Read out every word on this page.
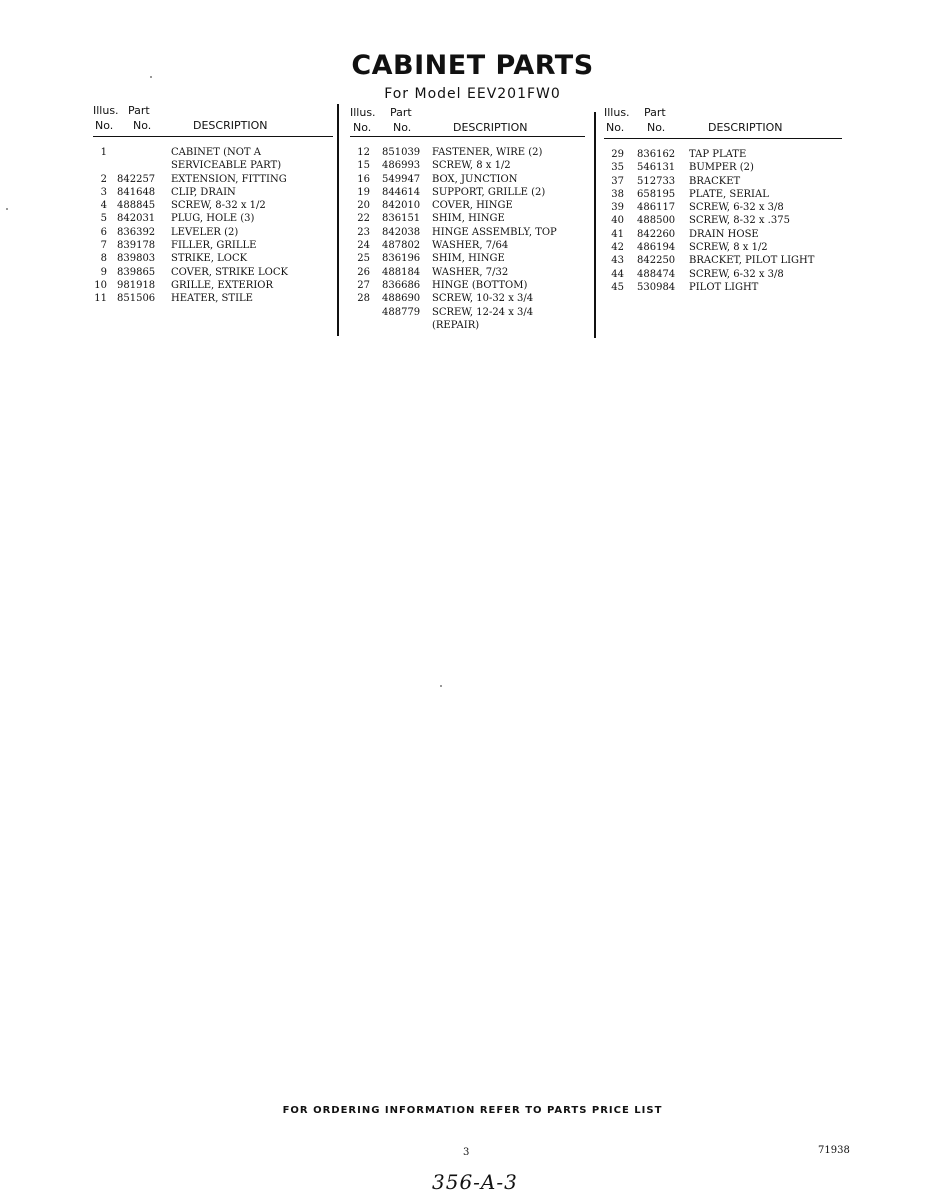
CABINET PARTS
For Model EEV201FW0
Illus. Part
No. No.	DESCRIPTION
1	CABINET (NOT A
SERVICEABLE PART)
2 842257 EXTENSION, FITTING
3 841648 CLIP, DRAIN
4 488845 SCREW, 8-32 x 1/2
5 842031 PLUG, HOLE (3)
6 836392 LEVELER (2)
7 839178 FILLER, GRILLE
8 839803 STRIKE, LOCK
9 839865 COVER, STRIKE LOCK
10 981918 GRILLE, EXTERIOR
11 851506 HEATER, STILE
Illus. Part
No. No.	DESCRIPTION
12 851039 FASTENER, WIRE (2)
15 486993 SCREW, 8 x 1/2
16 549947 BOX, JUNCTION
19 844614 SUPPORT, GRILLE (2)
20 842010 COVER, HINGE
22 836151 SHIM, HINGE
23 842038 HINGE ASSEMBLY, TOP
24 487802 WASHER, 7/64
25 836196 SHIM, HINGE
26 488184 WASHER, 7/32
27 836686 HINGE (BOTTOM)
28 488690 SCREW, 10-32 x 3/4
488779 SCREW, 12-24 x 3/4
(REPAIR)
Illus. Part
No. No.	DESCRIPTION
29 836162 TAP PLATE
35 546131 BUMPER (2)
37 512733 BRACKET
38 658195 PLATE, SERIAL
39 486117 SCREW, 6-32 x 3/8
40 488500 SCREW, 8-32 x .375
41 842260 DRAIN HOSE
42 486194 SCREW, 8 x 1/2
43 842250 BRACKET, PILOT LIGHT
44 488474 SCREW, 6-32 x 3/8
45 530984 PILOT LIGHT
FOR ORDERING INFORMATION REFER TO PARTS PRICE LIST
3	71938
356-A-3
